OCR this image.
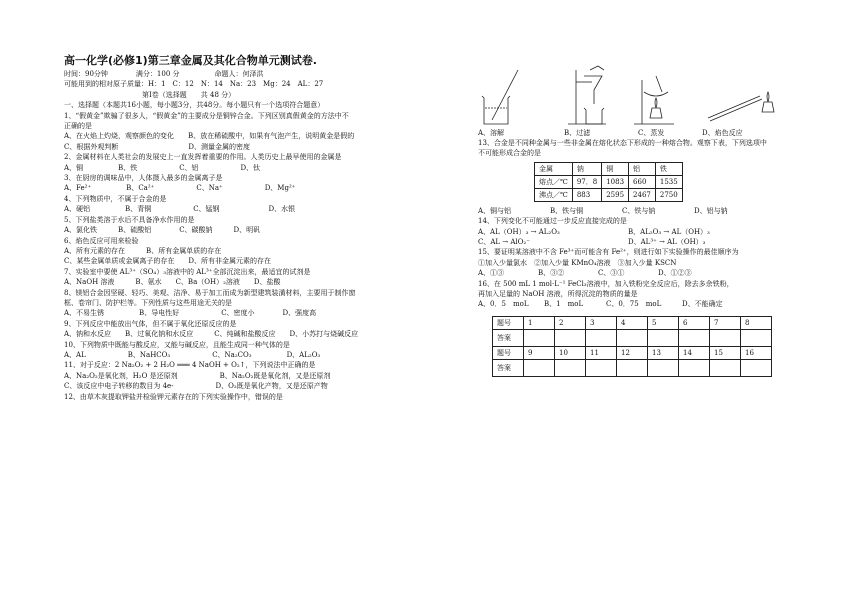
高一化学(必修1)第三章金属及其化合物单元测试卷.

时间：90分钟　　　　满分：100 分　　　　　命题人：何泽洪

可能用到的相对原子质量：H：1　C：12　N：14　Na：23　Mg：24　AL：27

第Ⅰ卷（选择题　　共 48 分）

一、选择题（本题共16小题，每小题3分，共48分。每小题只有一个选项符合题意）

1、“假黄金”欺骗了很多人，“假黄金”的主要成分是铜锌合金。下列区别真假黄金的方法中不

正确的是

A、在火焰上灼烧，观察颜色的变化　　B、放在稀硫酸中，如果有气泡产生，说明黄金是假的

C、根据外观判断　　　　　　　　　　D、测量金属的密度

2、金属材料在人类社会的发展史上一直发挥着重要的作用。人类历史上最早使用的金属是

A、铜　　　　　B、铁　　　　　　C、铝　　　　　　D、钛

3、在厨房的调味品中，人体摄入最多的金属离子是

A、Fe²⁺　　　　　B、Ca²⁺　　　　　　C、Na⁺　　　　　　D、Mg²⁺

4、下列物质中，不属于合金的是

A、硬铝　　　　　B、青铜　　　　　　C、锰钢　　　　　　　D、水银

5、下列盐类溶于水后不具备净水作用的是

A、氯化铁　　　B、硫酸铝　　　　C、碳酸钠　　　D、明矾

6、焰色反应可用来检验

A、所有元素的存在　　　B、所有金属单质的存在

C、某些金属单质或金属离子的存在　　D、所有非金属元素的存在

7、实验室中要使 AL³⁺（SO₄）₃溶液中的 AL³⁺全部沉淀出来，最适宜的试剂是

A、NaOH 溶液　　　B、氨水　　C、Ba（OH）₂溶液　　D、盐酸

8、镁铝合金因坚硬、轻巧、美观、洁净、易于加工而成为新型建筑装潢材料，主要用于制作窗

框、卷帘门、防护栏等。下列性质与这些用途无关的是

A、不易生锈　　　　　B、导电性好　　　　　　C、密度小　　　　D、强度高

9、下列反应中能放出气体，但不属于氧化还原反应的是

A、钠和水反应　　B、过氧化钠和水反应　　　C、纯碱和盐酸反应　　D、小苏打与烧碱反应

10、下列物质中既能与酸反应，又能与碱反应，且能生成同一种气体的是

A、AL　　　　　　B、NaHCO₃　　　　　　C、Na₂CO₃　　　　　D、AL₂O₃

11、对于反应：2 Na₂O₂ + 2 H₂O ═══ 4 NaOH + O₂↑，下列说法中正确的是

A、Na₂O₂是氧化剂，H₂O 是还原剂　　　　　　B、Na₂O₂既是氧化剂，又是还原剂

C、该反应中电子转移的数目为 4e-　　　　　　D、O₂既是氧化产物，又是还原产物

12、由草木灰提取钾盐并检验钾元素存在的下列实验操作中，错误的是

A、溶解	B、过滤	C、蒸发	D、焰色反应

13、合金是不同种金属与一些非金属在熔化状态下形成的一种熔合物。观察下表，下列选项中

不可能形成合金的是

金属	钠	铜	铝	铁
熔点／℃	97．8	1083	660	1535
沸点／℃	883	2595	2467	2750
A、铜与铝	B、铁与铜	C、铁与钠	D、铝与钠

14、下列变化不可能通过一步反应直接完成的是

A、AL（OH）₃ → AL₂O₃	B、AL₂O₃ → AL（OH）₃
C、AL → AlO₂⁻	D、AL³⁺ → AL（OH）₃

15、要证明某溶液中不含 Fe³⁺而可能含有 Fe²⁺，则进行如下实验操作的最佳顺序为

①加入少量氯水　②加入少量 KMnO₄溶液　③加入少量 KSCN

A、①③	B、③②	C、③①	D、①②③

16、在 500 mL 1 mol·L⁻¹ FeCl₃溶液中，加入铁粉完全反应后，除去多余铁粉，

再加入足量的 NaOH 溶液，所得沉淀的物质的量是

A、0．5　moL	B、1　moL	C、0．75　moL	D、不能确定
题号	1	2	3	4	5	6	7	8
答案								
题号	9	10	11	12	13	14	15	16
答案								
